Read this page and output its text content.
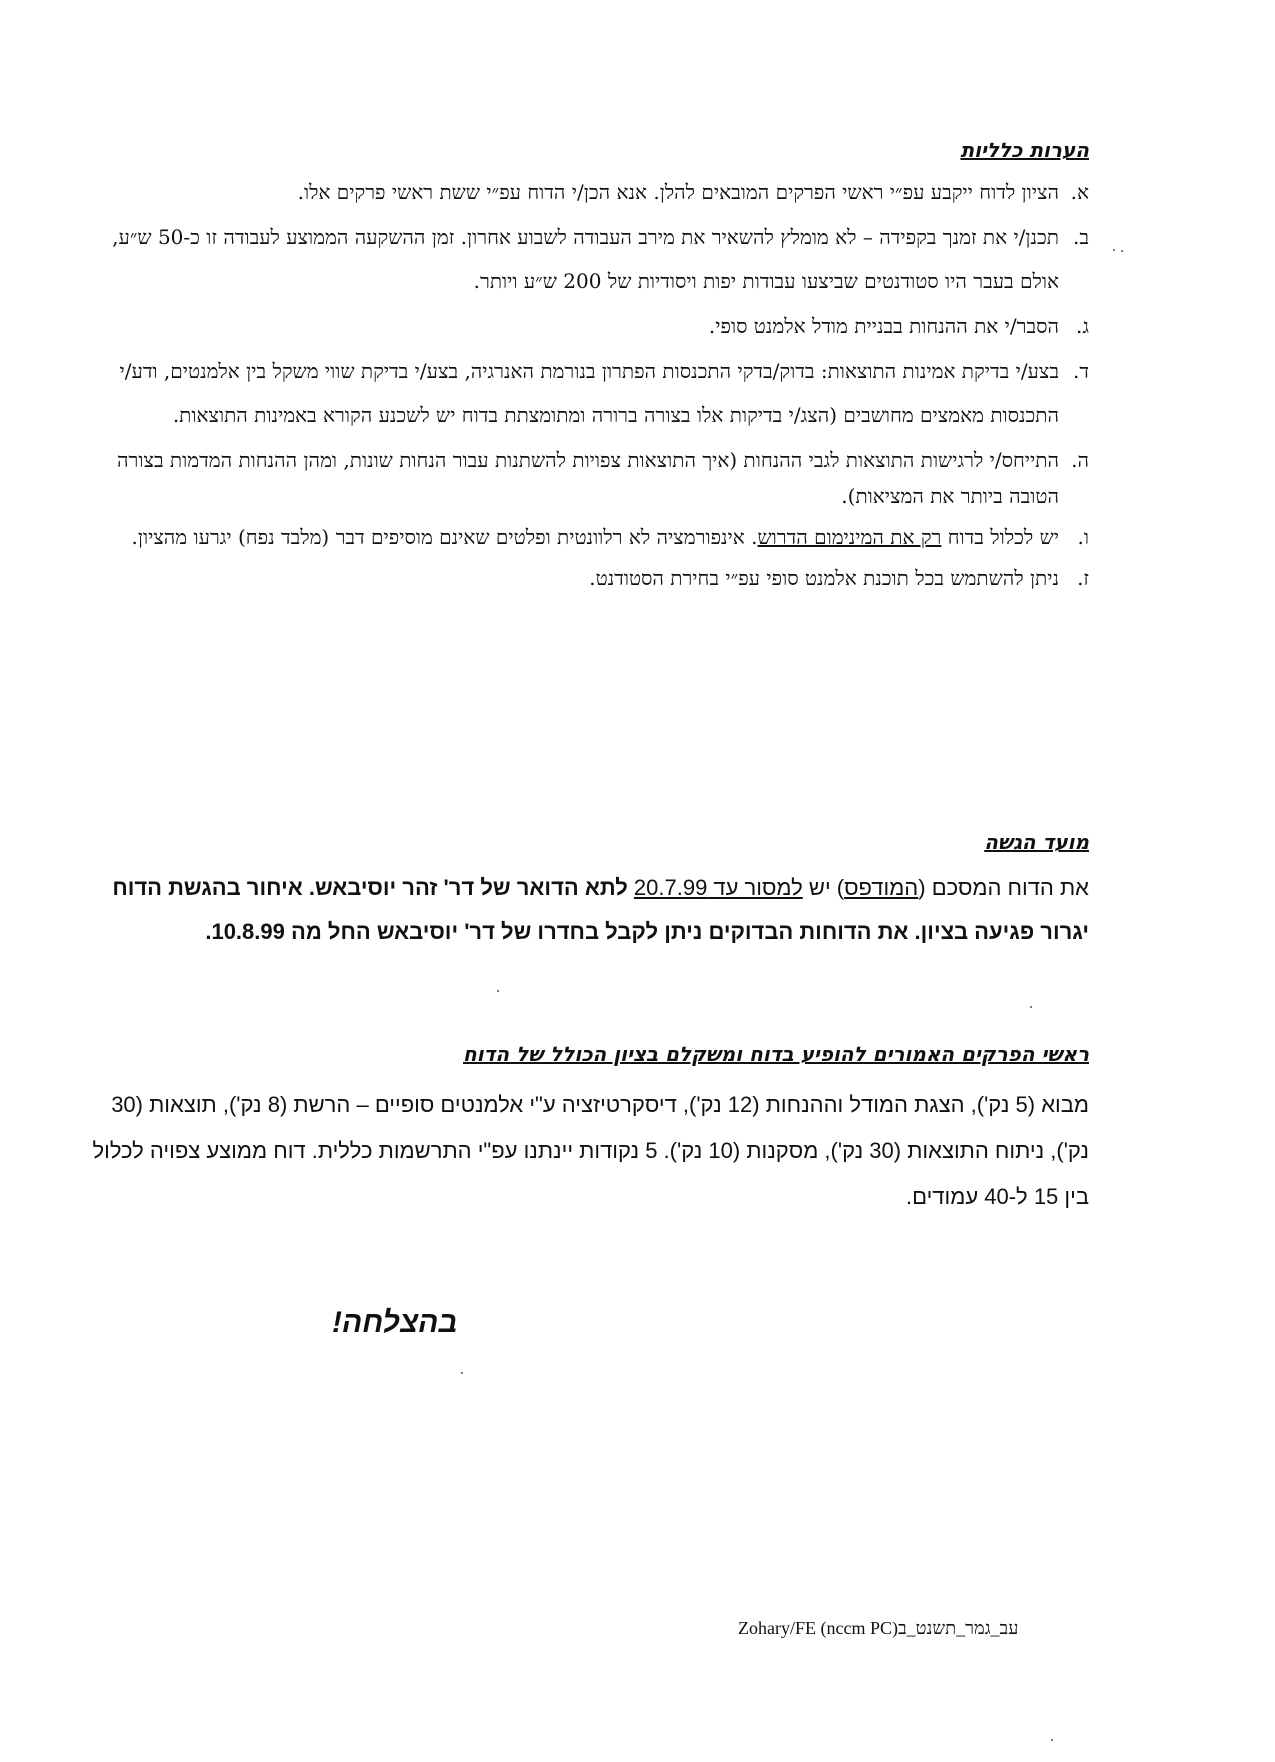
הערות כלליות
א.
הציון לדוח ייקבע עפ״י ראשי הפרקים המובאים להלן. אנא הכן/י הדוח עפ״י ששת ראשי פרקים אלו.
ב.
תכנן/י את זמנך בקפידה – לא מומלץ להשאיר את מירב העבודה לשבוע אחרון. זמן ההשקעה הממוצע לעבודה זו כ-50 ש״ע, אולם בעבר היו סטודנטים שביצעו עבודות יפות ויסודיות של 200 ש״ע ויותר.
ג.
הסבר/י את ההנחות בבניית מודל אלמנט סופי.
ד.
בצע/י בדיקת אמינות התוצאות: בדוק/בדקי התכנסות הפתרון בנורמת האנרגיה, בצע/י בדיקת שווי משקל בין אלמנטים, ודע/י התכנסות מאמצים מחושבים (הצג/י בדיקות אלו בצורה ברורה ומתומצתת בדוח יש לשכנע הקורא באמינות התוצאות.
ה.
התייחס/י לרגישות התוצאות לגבי ההנחות (איך התוצאות צפויות להשתנות עבור הנחות שונות, ומהן ההנחות המדמות בצורה הטובה ביותר את המציאות).
ו.
יש לכלול בדוח רק את המינימום הדרוש. אינפורמציה לא רלוונטית ופלטים שאינם מוסיפים דבר (מלבד נפח) יגרעו מהציון.
ז.
ניתן להשתמש בכל תוכנת אלמנט סופי עפ״י בחירת הסטודנט.
מועד הגשה
את הדוח המסכם (המודפס) יש למסור עד 20.7.99 לתא הדואר של דר' זהר יוסיבאש. איחור בהגשת הדוח יגרור פגיעה בציון. את הדוחות הבדוקים ניתן לקבל בחדרו של דר' יוסיבאש החל מה 10.8.99.
ראשי הפרקים האמורים להופיע בדוח ומשקלם בציון הכולל של הדוח
מבוא (5 נק'), הצגת המודל וההנחות (12 נק'), דיסקרטיזציה ע"י אלמנטים סופיים – הרשת (8 נק'), תוצאות (30 נק'), ניתוח התוצאות (30 נק'), מסקנות (10 נק'). 5 נקודות יינתנו עפ"י התרשמות כללית. דוח ממוצע צפויה לכלול בין 15 ל-40 עמודים.
בהצלחה!
Zohary/FE (nccm PC)עב_גמר_תשנט_ב
